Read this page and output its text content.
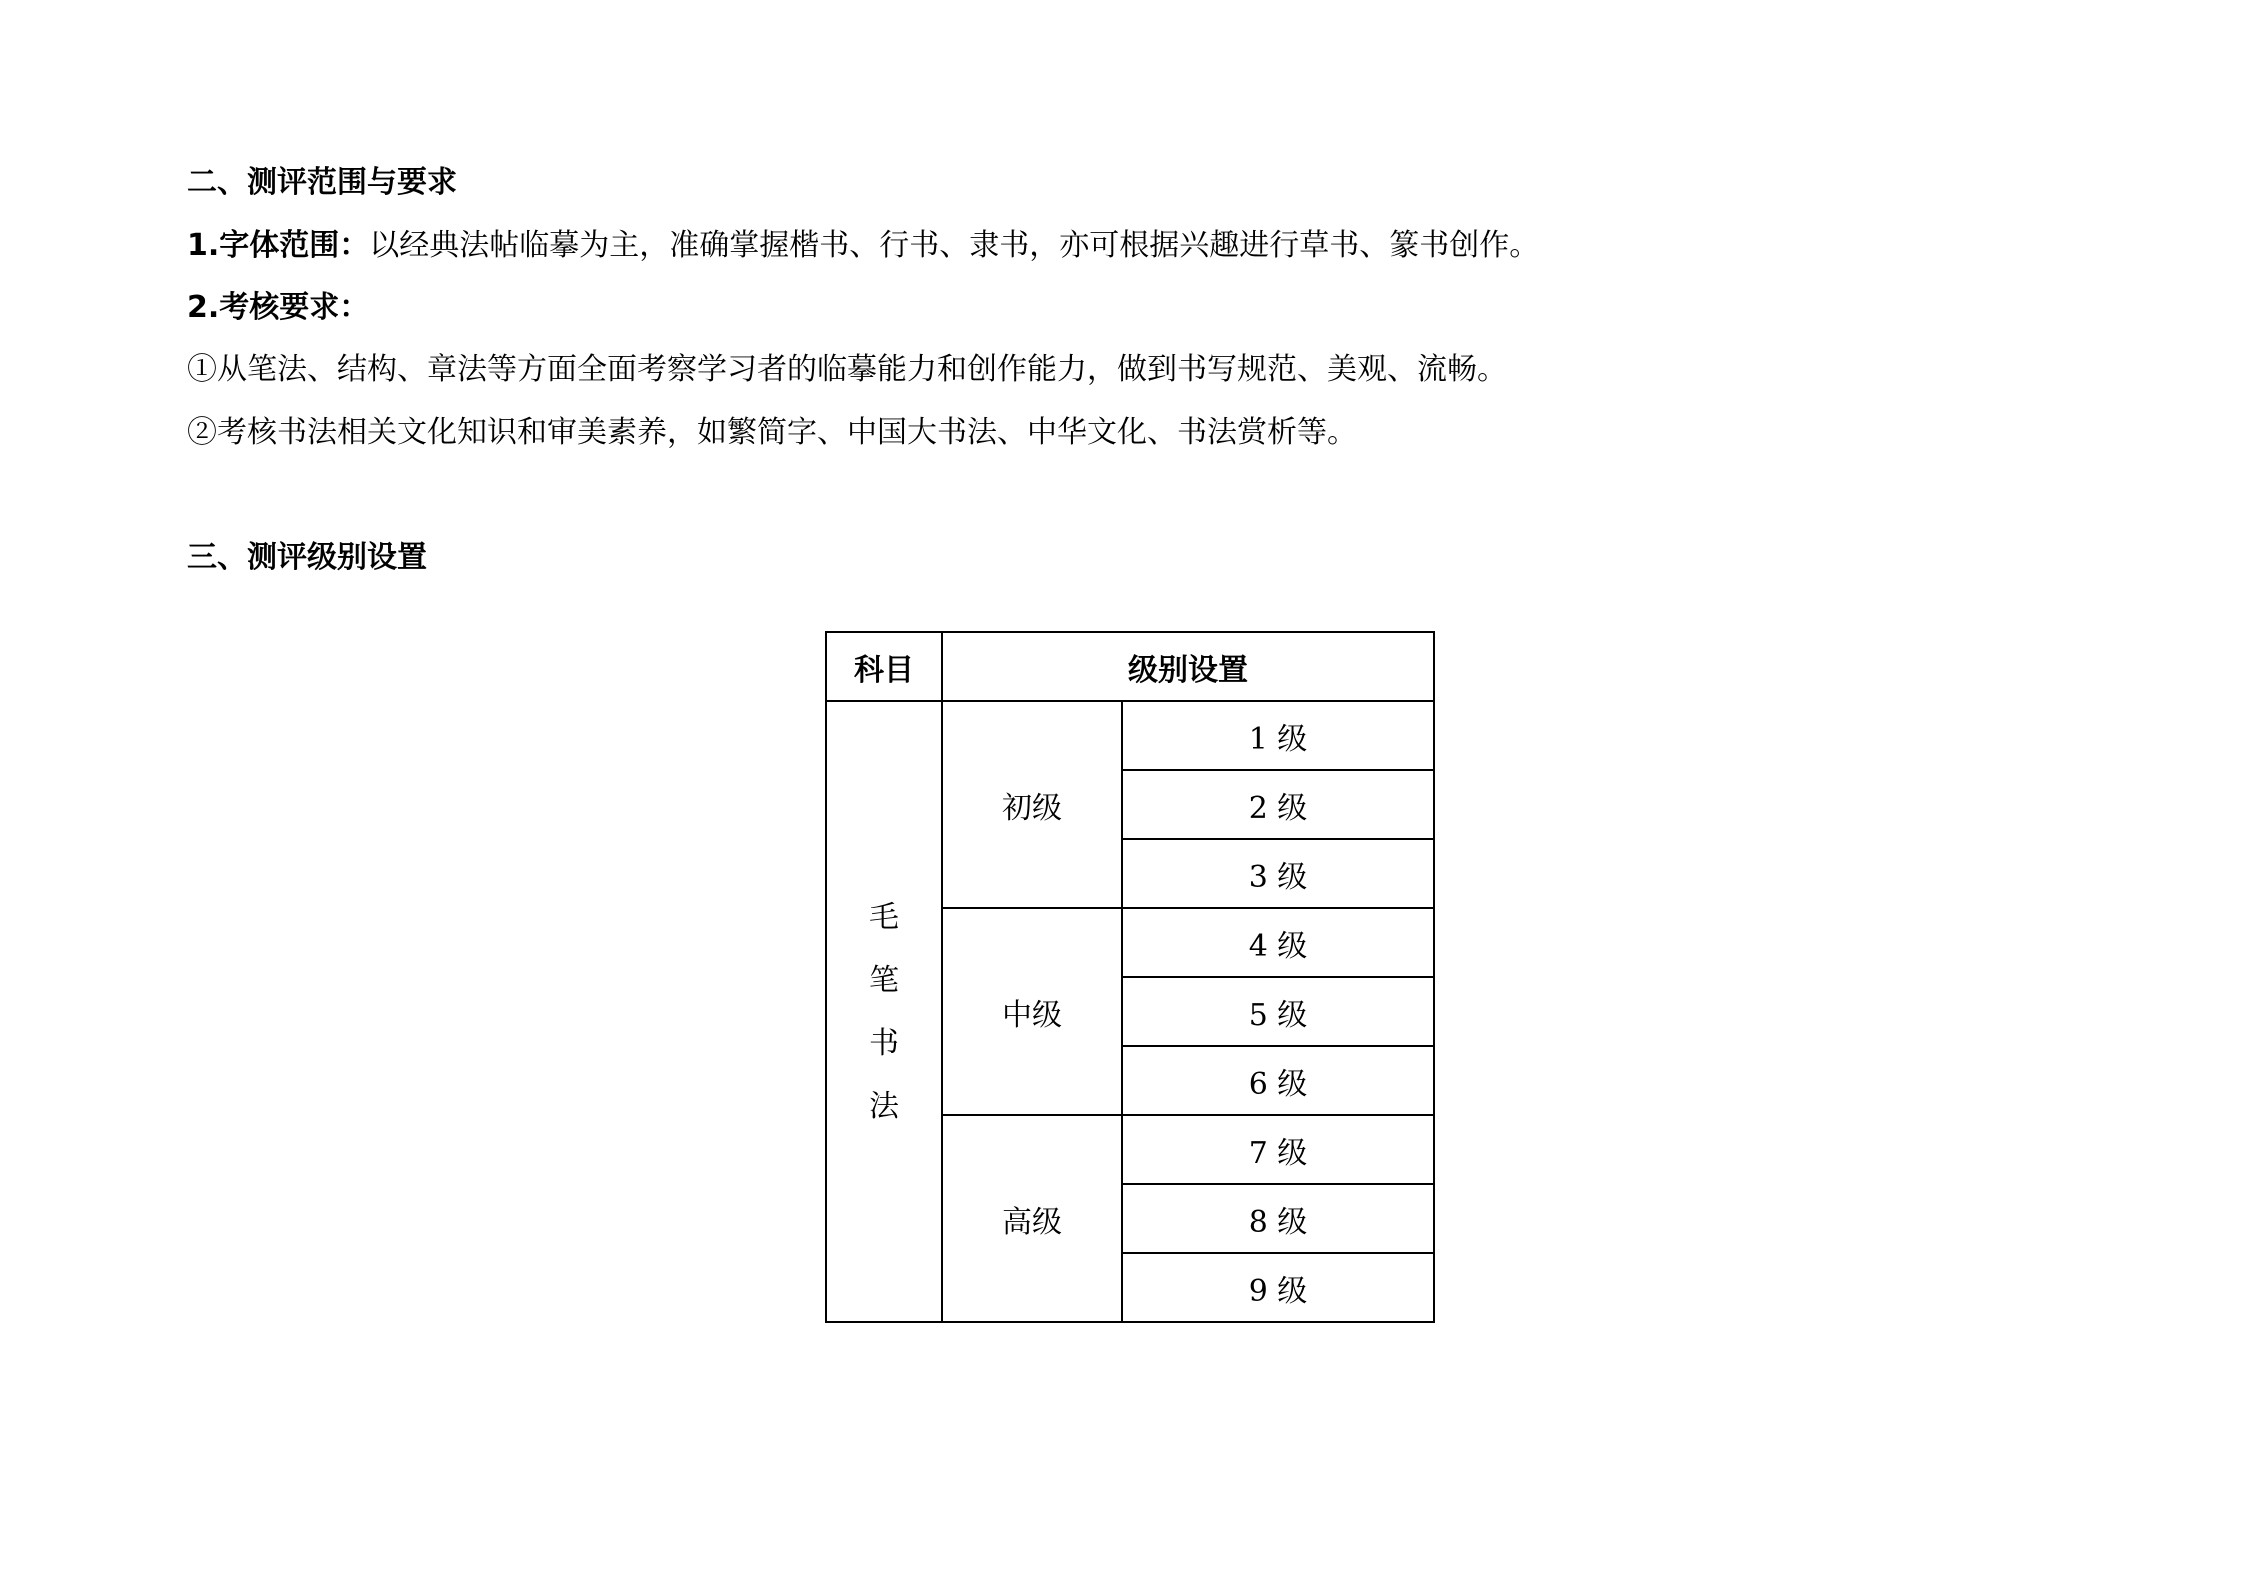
二、测评范围与要求
1.字体范围：以经典法帖临摹为主，准确掌握楷书、行书、隶书，亦可根据兴趣进行草书、篆书创作。
2.考核要求：
①从笔法、结构、章法等方面全面考察学习者的临摹能力和创作能力，做到书写规范、美观、流畅。
②考核书法相关文化知识和审美素养，如繁简字、中国大书法、中华文化、书法赏析等。
三、测评级别设置
科目	级别设置	
毛笔书法	初级	1 级
		2 级
		3 级
	中级	4 级
		5 级
		6 级
	高级	7 级
		8 级
		9 级
